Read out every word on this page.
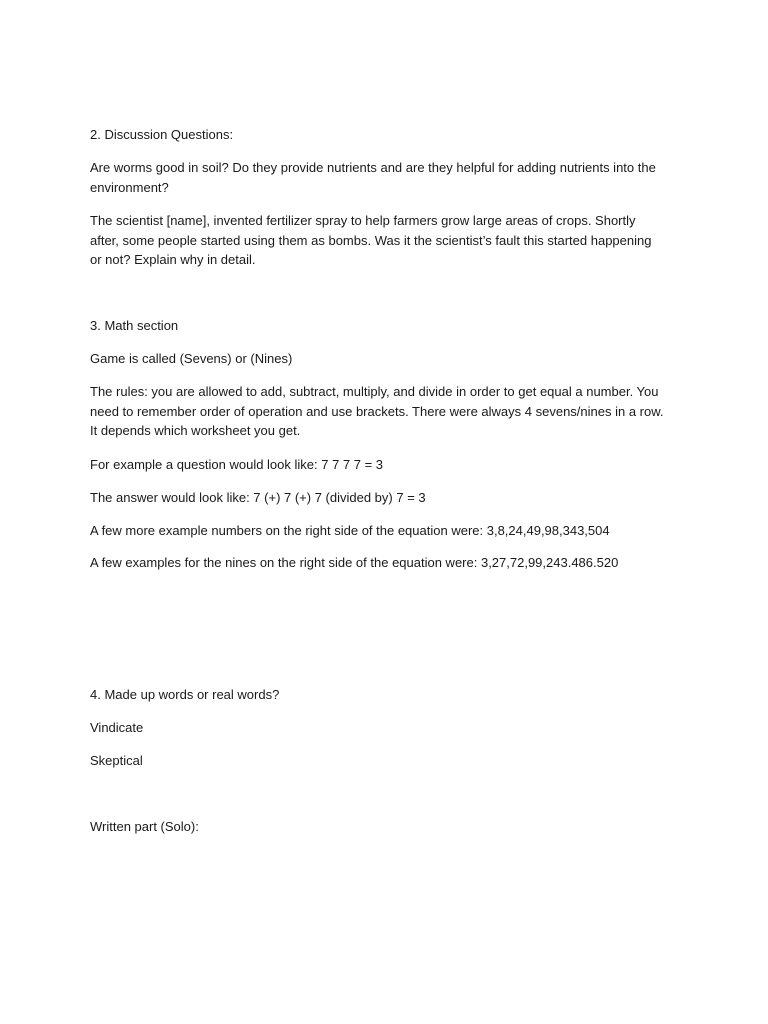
2. Discussion Questions:

Are worms good in soil? Do they provide nutrients and are they helpful for adding nutrients into the environment?

The scientist [name], invented fertilizer spray to help farmers grow large areas of crops. Shortly after, some people started using them as bombs. Was it the scientist’s fault this started happening or not? Explain why in detail.

3. Math section

Game is called (Sevens) or (Nines)

The rules: you are allowed to add, subtract, multiply, and divide in order to get equal a number. You need to remember order of operation and use brackets. There were always 4 sevens/nines in a row. It depends which worksheet you get.

For example a question would look like: 7 7 7 7 = 3

The answer would look like: 7 (+) 7 (+) 7 (divided by) 7 = 3

A few more example numbers on the right side of the equation were: 3,8,24,49,98,343,504

A few examples for the nines on the right side of the equation were: 3,27,72,99,243.486.520

4. Made up words or real words?

Vindicate

Skeptical

Written part (Solo):
